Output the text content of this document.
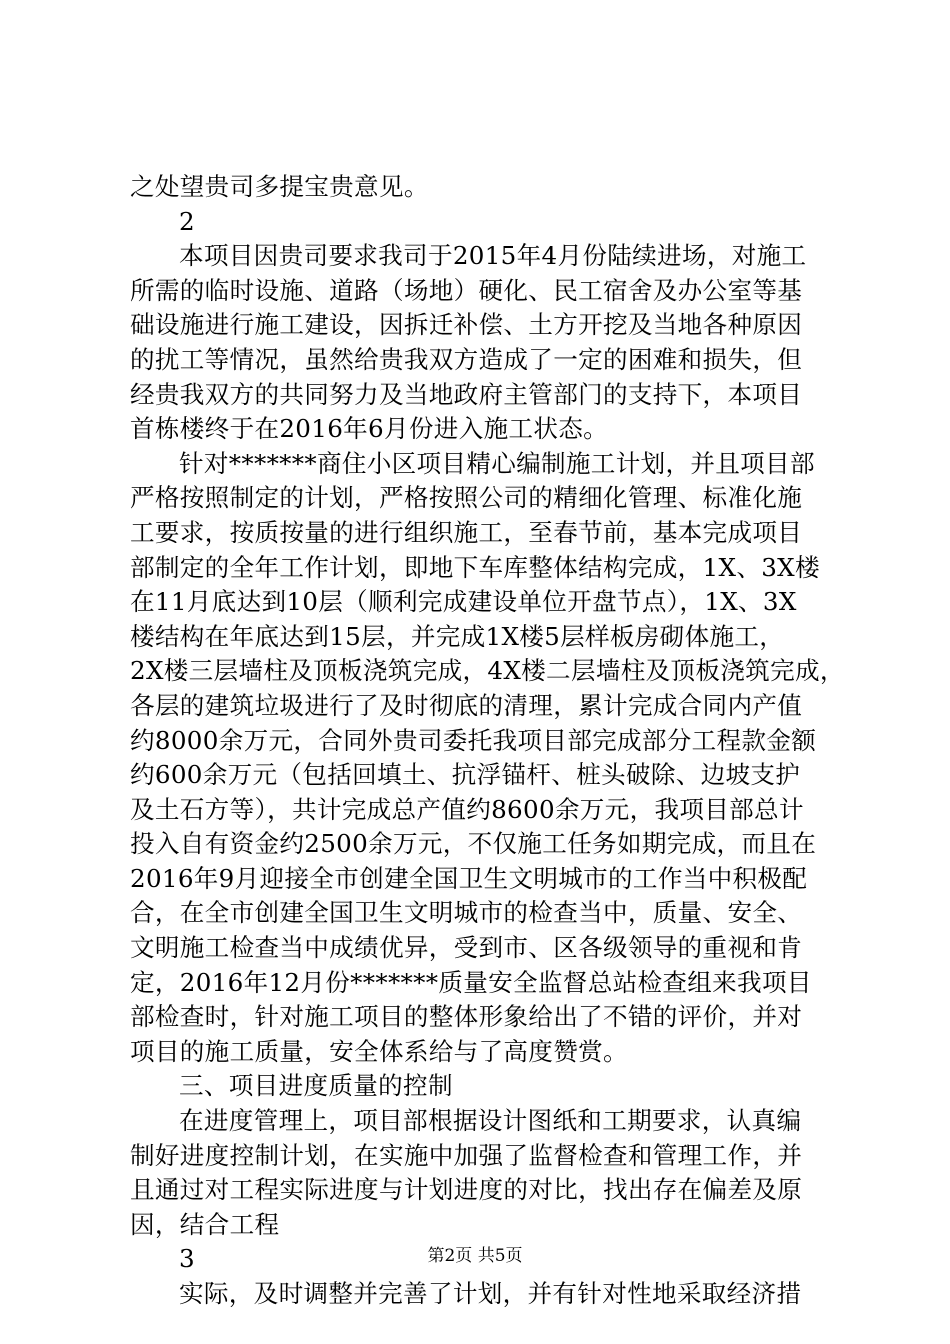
之处望贵司多提宝贵意见。
2
本项目因贵司要求我司于2015年4月份陆续进场，对施工
所需的临时设施、道路（场地）硬化、民工宿舍及办公室等基
础设施进行施工建设，因拆迁补偿、土方开挖及当地各种原因
的扰工等情况，虽然给贵我双方造成了一定的困难和损失，但
经贵我双方的共同努力及当地政府主管部门的支持下，本项目
首栋楼终于在2016年6月份进入施工状态。
针对*******商住小区项目精心编制施工计划，并且项目部
严格按照制定的计划，严格按照公司的精细化管理、标准化施
工要求，按质按量的进行组织施工，至春节前，基本完成项目
部制定的全年工作计划，即地下车库整体结构完成，1X、3X楼
在11月底达到10层（顺利完成建设单位开盘节点），1X、3X
楼结构在年底达到15层，并完成1X楼5层样板房砌体施工，
2X楼三层墙柱及顶板浇筑完成，4X楼二层墙柱及顶板浇筑完成，
各层的建筑垃圾进行了及时彻底的清理，累计完成合同内产值
约8000余万元，合同外贵司委托我项目部完成部分工程款金额
约600余万元（包括回填土、抗浮锚杆、桩头破除、边坡支护
及土石方等），共计完成总产值约8600余万元，我项目部总计
投入自有资金约2500余万元，不仅施工任务如期完成，而且在
2016年9月迎接全市创建全国卫生文明城市的工作当中积极配
合，在全市创建全国卫生文明城市的检查当中，质量、安全、
文明施工检查当中成绩优异，受到市、区各级领导的重视和肯
定，2016年12月份*******质量安全监督总站检查组来我项目
部检查时，针对施工项目的整体形象给出了不错的评价，并对
项目的施工质量，安全体系给与了高度赞赏。
三、项目进度质量的控制
在进度管理上，项目部根据设计图纸和工期要求，认真编
制好进度控制计划，在实施中加强了监督检查和管理工作，并
且通过对工程实际进度与计划进度的对比，找出存在偏差及原
因，结合工程
3
实际，及时调整并完善了计划，并有针对性地采取经济措
第2页 共5页
